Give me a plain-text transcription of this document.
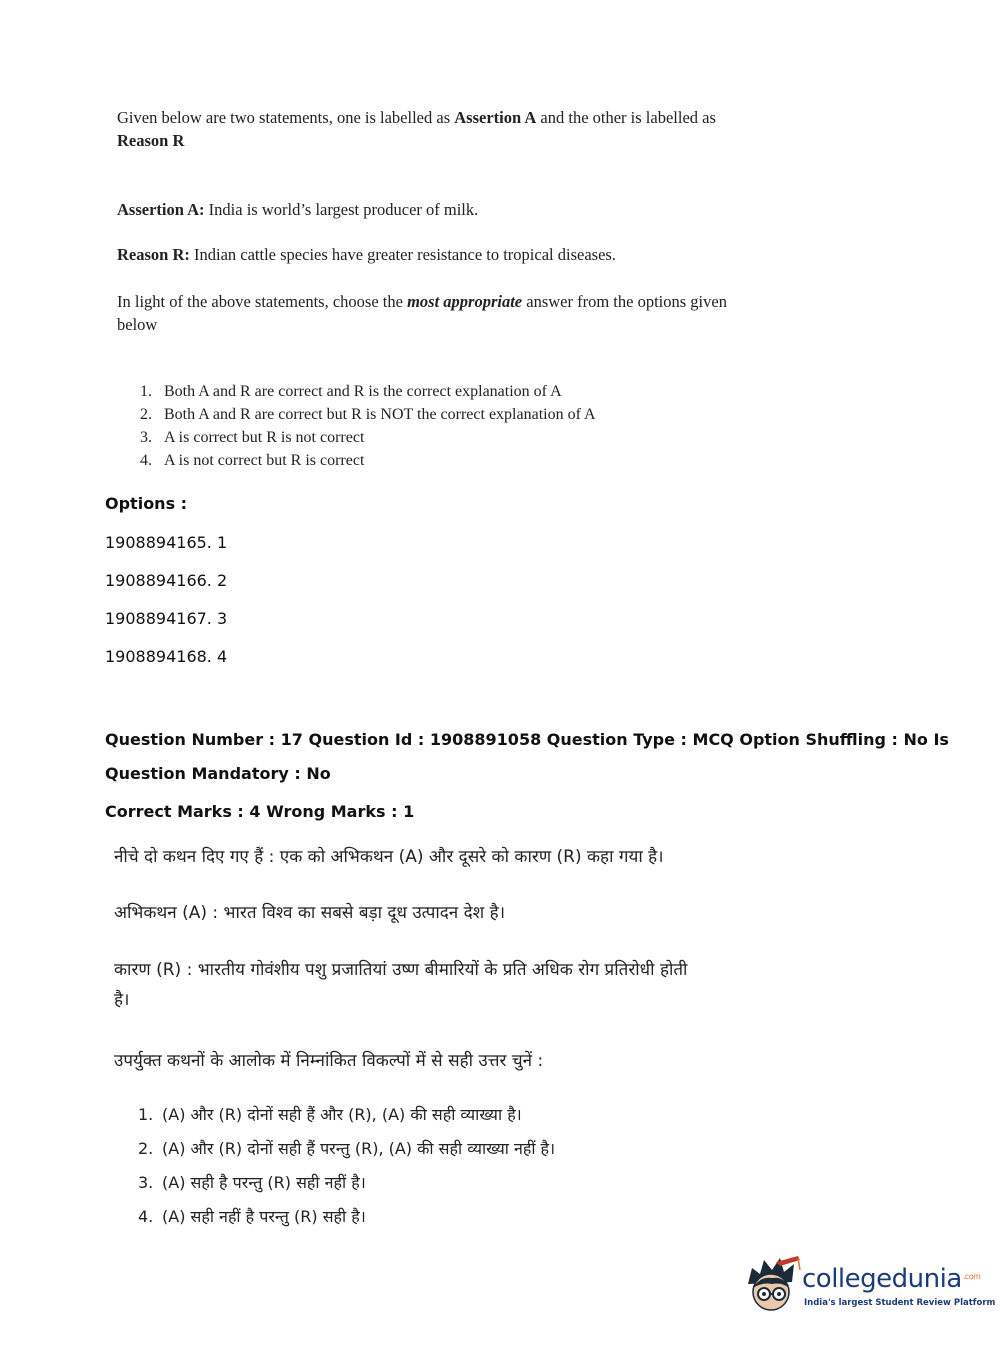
Given below are two statements, one is labelled as Assertion A and the other is labelled as
Reason R
Assertion A: India is world’s largest producer of milk.
Reason R: Indian cattle species have greater resistance to tropical diseases.
In light of the above statements, choose the most appropriate answer from the options given
below
1. Both A and R are correct and R is the correct explanation of A
2. Both A and R are correct but R is NOT the correct explanation of A
3. A is correct but R is not correct
4. A is not correct but R is correct
Options :
1908894165. 1
1908894166. 2
1908894167. 3
1908894168. 4
Question Number : 17 Question Id : 1908891058 Question Type : MCQ Option Shuffling : No Is
Question Mandatory : No
Correct Marks : 4 Wrong Marks : 1
नीचे दो कथन दिए गए हैं : एक को अभिकथन (A) और दूसरे को कारण (R) कहा गया है।
अभिकथन (A) : भारत विश्व का सबसे बड़ा दूध उत्पादन देश है।
कारण (R) : भारतीय गोवंशीय पशु प्रजातियां उष्ण बीमारियों के प्रति अधिक रोग प्रतिरोधी होती
है।
उपर्युक्त कथनों के आलोक में निम्नांकित विकल्पों में से सही उत्तर चुनें :
1. (A) और (R) दोनों सही हैं और (R), (A) की सही व्याख्या है।
2. (A) और (R) दोनों सही हैं परन्तु (R), (A) की सही व्याख्या नहीं है।
3. (A) सही है परन्तु (R) सही नहीं है।
4. (A) सही नहीं है परन्तु (R) सही है।
collegedunia$^{.com}$
India's largest Student Review Platform
